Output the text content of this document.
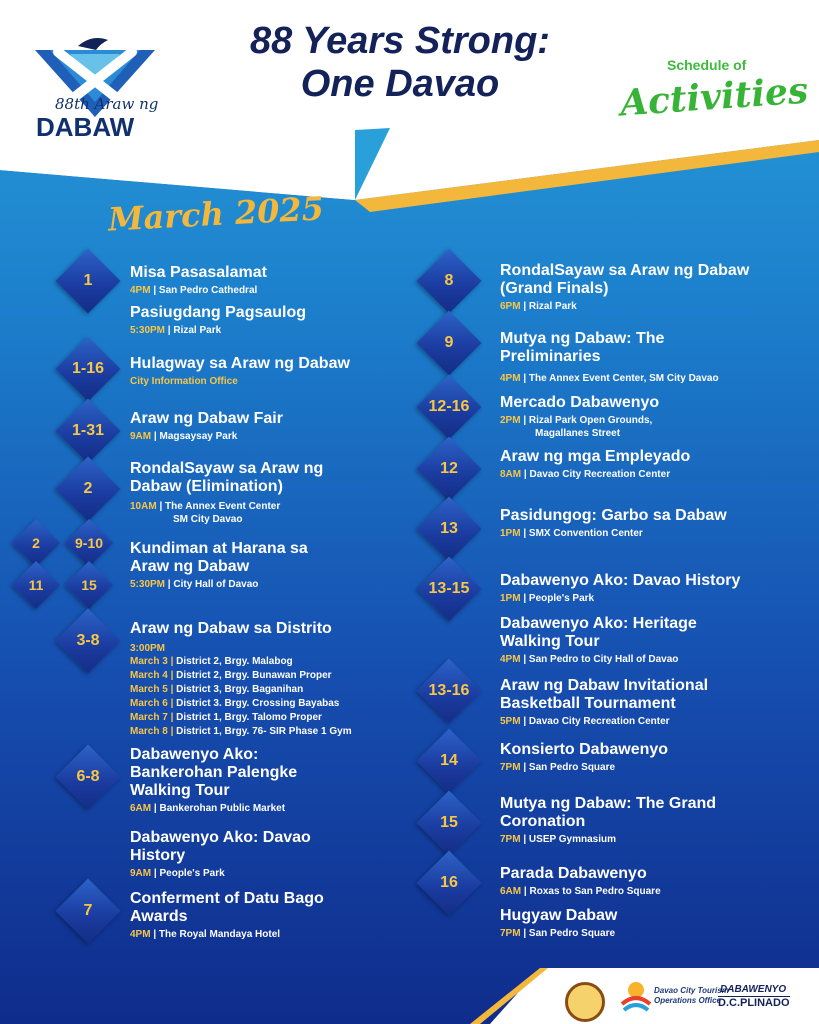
88th Araw ng
DABAW
88 Years Strong:
One Davao	Schedule of
Activities
March 2025
1	Misa Pasasalamat
4PM | San Pedro Cathedral
Pasiugdang Pagsaulog
5:30PM | Rizal Park
1-16	Hulagway sa Araw ng Dabaw
City Information Office
1-31
Araw ng Dabaw Fair
9AM | Magsaysay Park
2
RondalSayaw sa Araw ng Dabaw (Elimination)
10AM | The Annex Event Center
SM City Davao
2	9-10
11	15
Kundiman at Harana sa Araw ng Dabaw
5:30PM | City Hall of Davao
3-8
Araw ng Dabaw sa Distrito
3:00PM
March 3	|	District 2, Brgy. Malabog
March 4	|	District 2, Brgy. Bunawan Proper
March 5	|	District 3, Brgy. Baganihan
March 6	|	District 3. Brgy. Crossing Bayabas
March 7	|	District 1, Brgy. Talomo Proper
March 8	|	District 1, Brgy. 76- SIR Phase 1 Gym
6-8
Dabawenyo Ako: Bankerohan Palengke Walking Tour
6AM | Bankerohan Public Market
Dabawenyo Ako: Davao History
9AM | People's Park
7
Conferment of Datu Bago Awards
4PM | The Royal Mandaya Hotel
8
RondalSayaw sa Araw ng Dabaw (Grand Finals)
6PM | Rizal Park
9	Mutya ng Dabaw: The Preliminaries
4PM | The Annex Event Center, SM City Davao
12-16	Mercado Dabawenyo
2PM | Rizal Park Open Grounds,
Magallanes Street
12
Araw ng mga Empleyado
8AM | Davao City Recreation Center
13
Pasidungog: Garbo sa Dabaw
1PM | SMX Convention Center
13-15	Dabawenyo Ako: Davao History
1PM | People's Park
Dabawenyo Ako: Heritage Walking Tour
4PM | San Pedro to City Hall of Davao
13-16	Araw ng Dabaw Invitational Basketball Tournament
5PM | Davao City Recreation Center
14
Konsierto Dabawenyo
7PM | San Pedro Square
15
Mutya ng Dabaw: The Grand Coronation
7PM | USEP Gymnasium
16
Parada Dabawenyo
6AM | Roxas to San Pedro Square
Hugyaw Dabaw
7PM | San Pedro Square
Davao City Tourism
Operations Office
DABAWENYO
D.C.PLINADO
